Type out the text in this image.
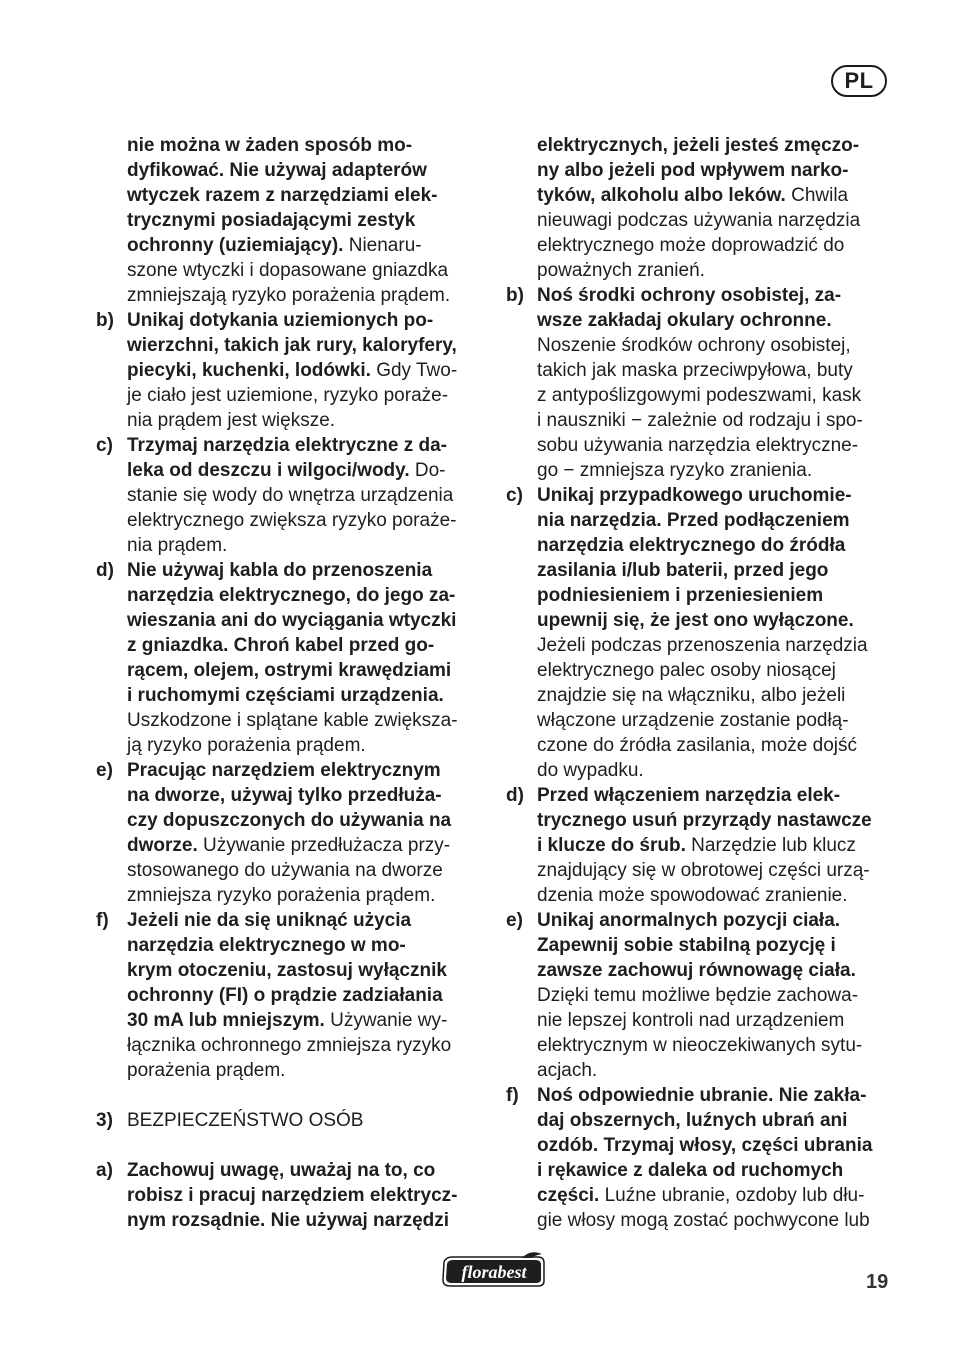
PL
nie można w żaden sposób mo-
dyfikować. Nie używaj adapterów
wtyczek razem z narzędziami elek-
trycznymi posiadającymi zestyk
ochronny (uziemiający). Nienaru-
szone wtyczki i dopasowane gniazdka
zmniejszają ryzyko porażenia prądem.
b) Unikaj dotykania uziemionych po-
wierzchni, takich jak rury, kaloryfery,
piecyki, kuchenki, lodówki. Gdy Two-
je ciało jest uziemione, ryzyko poraże-
nia prądem jest większe.
c) Trzymaj narzędzia elektryczne z da-
leka od deszczu i wilgoci/wody. Do-
stanie się wody do wnętrza urządzenia
elektrycznego zwiększa ryzyko poraże-
nia prądem.
d) Nie używaj kabla do przenoszenia
narzędzia elektrycznego, do jego za-
wieszania ani do wyciągania wtyczki
z gniazdka. Chroń kabel przed go-
rącem, olejem, ostrymi krawędziami
i ruchomymi częściami urządzenia.
Uszkodzone i splątane kable zwiększa-
ją ryzyko porażenia prądem.
e) Pracując narzędziem elektrycznym
na dworze, używaj tylko przedłuża-
czy dopuszczonych do używania na
dworze. Używanie przedłużacza przy-
stosowanego do używania na dworze
zmniejsza ryzyko porażenia prądem.
f) Jeżeli nie da się uniknąć użycia
narzędzia elektrycznego w mo-
krym otoczeniu, zastosuj wyłącznik
ochronny (FI) o prądzie zadziałania
30 mA lub mniejszym. Używanie wy-
łącznika ochronnego zmniejsza ryzyko
porażenia prądem.
3) BEZPIECZEŃSTWO OSÓB
a) Zachowuj uwagę, uważaj na to, co
robisz i pracuj narzędziem elektrycz-
nym rozsądnie. Nie używaj narzędzi
elektrycznych, jeżeli jesteś zmęczo-
ny albo jeżeli pod wpływem narko-
tyków, alkoholu albo leków. Chwila
nieuwagi podczas używania narzędzia
elektrycznego może doprowadzić do
poważnych zranień.
b) Noś środki ochrony osobistej, za-
wsze zakładaj okulary ochronne.
Noszenie środków ochrony osobistej,
takich jak maska przeciwpyłowa, buty
z antypoślizgowymi podeszwami, kask
i nauszniki − zależnie od rodzaju i spo-
sobu używania narzędzia elektryczne-
go − zmniejsza ryzyko zranienia.
c) Unikaj przypadkowego uruchomie-
nia narzędzia. Przed podłączeniem
narzędzia elektrycznego do źródła
zasilania i/lub baterii, przed jego
podniesieniem i przeniesieniem
upewnij się, że jest ono wyłączone.
Jeżeli podczas przenoszenia narzędzia
elektrycznego palec osoby niosącej
znajdzie się na włączniku, albo jeżeli
włączone urządzenie zostanie podłą-
czone do źródła zasilania, może dojść
do wypadku.
d) Przed włączeniem narzędzia elek-
trycznego usuń przyrządy nastawcze
i klucze do śrub. Narzędzie lub klucz
znajdujący się w obrotowej części urzą-
dzenia może spowodować zranienie.
e) Unikaj anormalnych pozycji ciała.
Zapewnij sobie stabilną pozycję i
zawsze zachowuj równowagę ciała.
Dzięki temu możliwe będzie zachowa-
nie lepszej kontroli nad urządzeniem
elektrycznym w nieoczekiwanych sytu-
acjach.
f) Noś odpowiednie ubranie. Nie zakła-
daj obszernych, luźnych ubrań ani
ozdób. Trzymaj włosy, części ubrania
i rękawice z daleka od ruchomych
części. Luźne ubranie, ozdoby lub dłu-
gie włosy mogą zostać pochwycone lub
florabest	19
